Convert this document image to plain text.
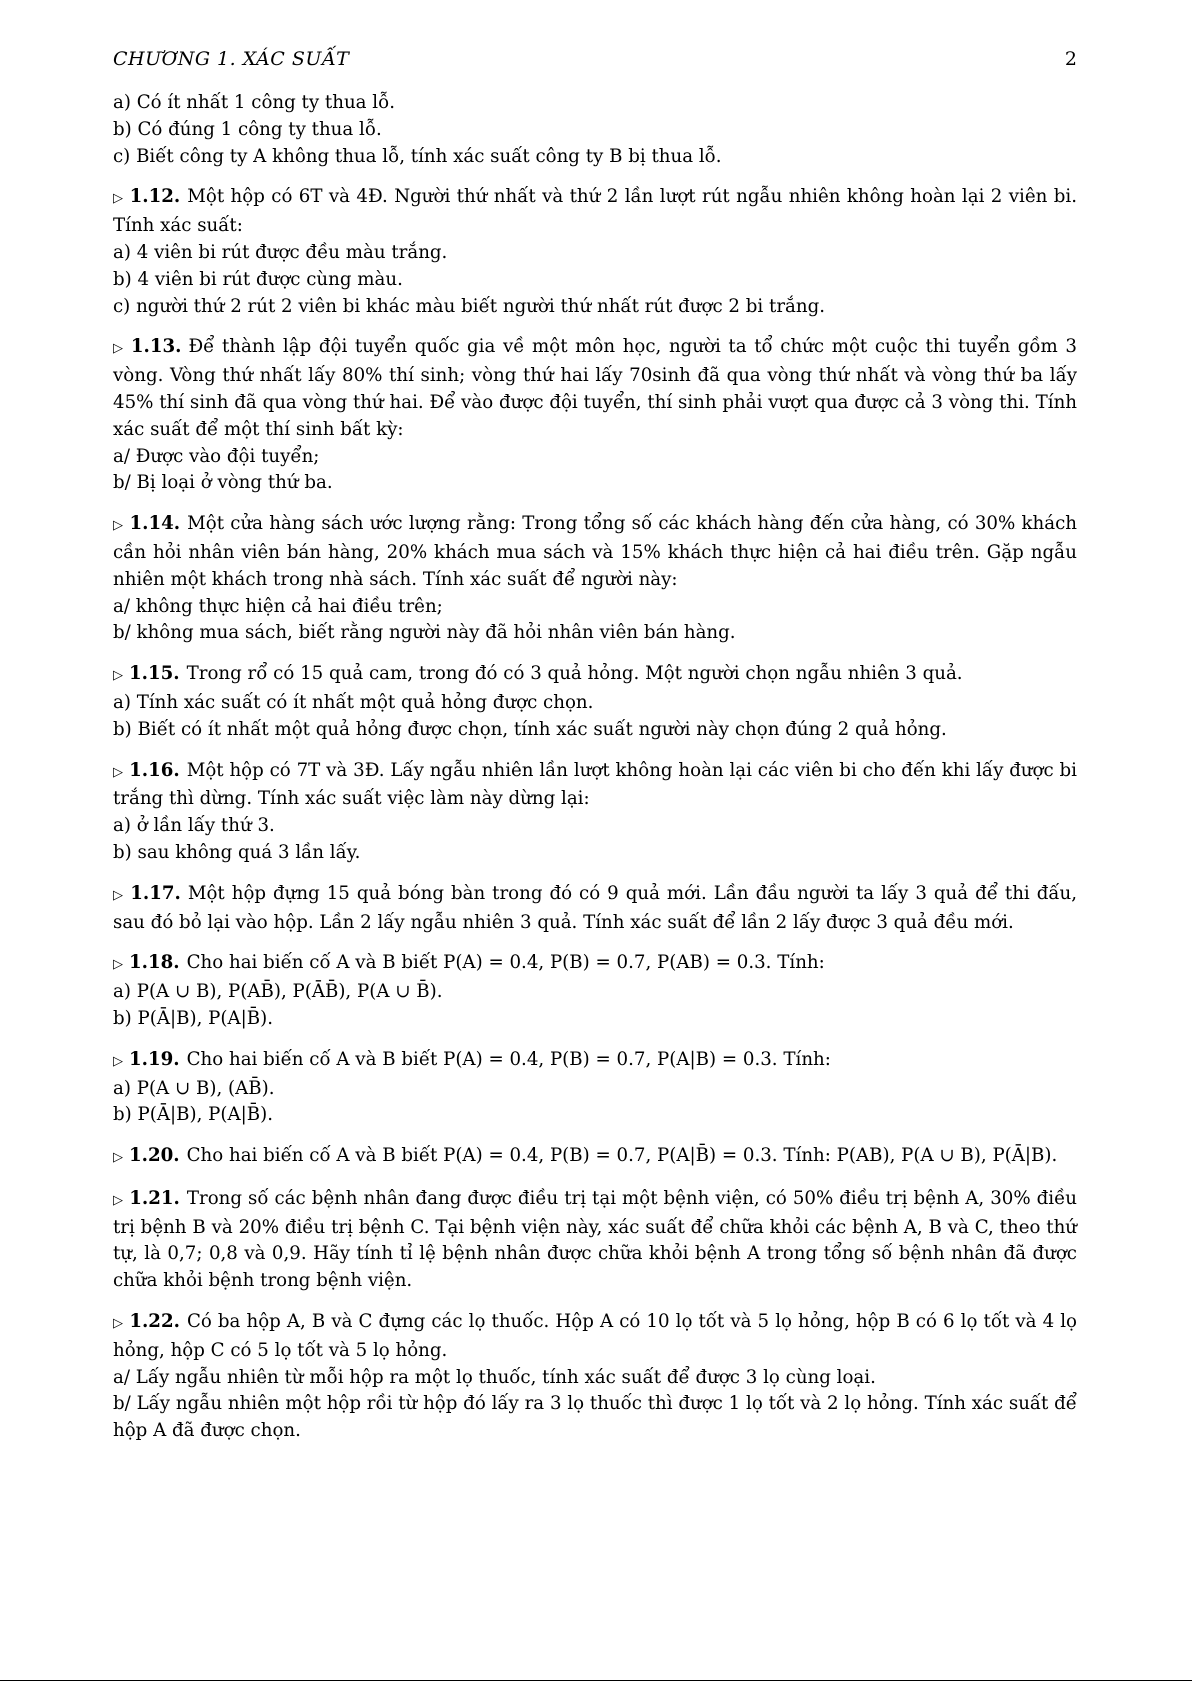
CHƯƠNG 1. XÁC SUẤT	2
a) Có ít nhất 1 công ty thua lỗ.
b) Có đúng 1 công ty thua lỗ.
c) Biết công ty A không thua lỗ, tính xác suất công ty B bị thua lỗ.
▷ 1.12. Một hộp có 6T và 4Đ. Người thứ nhất và thứ 2 lần lượt rút ngẫu nhiên không hoàn lại 2 viên bi. Tính xác suất:
a) 4 viên bi rút được đều màu trắng.
b) 4 viên bi rút được cùng màu.
c) người thứ 2 rút 2 viên bi khác màu biết người thứ nhất rút được 2 bi trắng.
▷ 1.13. Để thành lập đội tuyển quốc gia về một môn học, người ta tổ chức một cuộc thi tuyển gồm 3 vòng. Vòng thứ nhất lấy 80% thí sinh; vòng thứ hai lấy 70sinh đã qua vòng thứ nhất và vòng thứ ba lấy 45% thí sinh đã qua vòng thứ hai. Để vào được đội tuyển, thí sinh phải vượt qua được cả 3 vòng thi. Tính xác suất để một thí sinh bất kỳ:
a/ Được vào đội tuyển;
b/ Bị loại ở vòng thứ ba.
▷ 1.14. Một cửa hàng sách ước lượng rằng: Trong tổng số các khách hàng đến cửa hàng, có 30% khách cần hỏi nhân viên bán hàng, 20% khách mua sách và 15% khách thực hiện cả hai điều trên. Gặp ngẫu nhiên một khách trong nhà sách. Tính xác suất để người này:
a/ không thực hiện cả hai điều trên;
b/ không mua sách, biết rằng người này đã hỏi nhân viên bán hàng.
▷ 1.15. Trong rổ có 15 quả cam, trong đó có 3 quả hỏng. Một người chọn ngẫu nhiên 3 quả.
a) Tính xác suất có ít nhất một quả hỏng được chọn.
b) Biết có ít nhất một quả hỏng được chọn, tính xác suất người này chọn đúng 2 quả hỏng.
▷ 1.16. Một hộp có 7T và 3Đ. Lấy ngẫu nhiên lần lượt không hoàn lại các viên bi cho đến khi lấy được bi trắng thì dừng. Tính xác suất việc làm này dừng lại:
a) ở lần lấy thứ 3.
b) sau không quá 3 lần lấy.
▷ 1.17. Một hộp đựng 15 quả bóng bàn trong đó có 9 quả mới. Lần đầu người ta lấy 3 quả để thi đấu, sau đó bỏ lại vào hộp. Lần 2 lấy ngẫu nhiên 3 quả. Tính xác suất để lần 2 lấy được 3 quả đều mới.
▷ 1.18. Cho hai biến cố A và B biết P(A) = 0.4, P(B) = 0.7, P(AB) = 0.3. Tính:
a) P(A ∪ B), P(AB̄), P(ĀB̄), P(A ∪ B̄).
b) P(Ā|B), P(A|B̄).
▷ 1.19. Cho hai biến cố A và B biết P(A) = 0.4, P(B) = 0.7, P(A|B) = 0.3. Tính:
a) P(A ∪ B), (AB̄).
b) P(Ā|B), P(A|B̄).
▷ 1.20. Cho hai biến cố A và B biết P(A) = 0.4, P(B) = 0.7, P(A|B̄) = 0.3. Tính: P(AB), P(A ∪ B), P(Ā|B).
▷ 1.21. Trong số các bệnh nhân đang được điều trị tại một bệnh viện, có 50% điều trị bệnh A, 30% điều trị bệnh B và 20% điều trị bệnh C. Tại bệnh viện này, xác suất để chữa khỏi các bệnh A, B và C, theo thứ tự, là 0,7; 0,8 và 0,9. Hãy tính tỉ lệ bệnh nhân được chữa khỏi bệnh A trong tổng số bệnh nhân đã được chữa khỏi bệnh trong bệnh viện.
▷ 1.22. Có ba hộp A, B và C đựng các lọ thuốc. Hộp A có 10 lọ tốt và 5 lọ hỏng, hộp B có 6 lọ tốt và 4 lọ hỏng, hộp C có 5 lọ tốt và 5 lọ hỏng.
a/ Lấy ngẫu nhiên từ mỗi hộp ra một lọ thuốc, tính xác suất để được 3 lọ cùng loại.
b/ Lấy ngẫu nhiên một hộp rồi từ hộp đó lấy ra 3 lọ thuốc thì được 1 lọ tốt và 2 lọ hỏng. Tính xác suất để hộp A đã được chọn.
